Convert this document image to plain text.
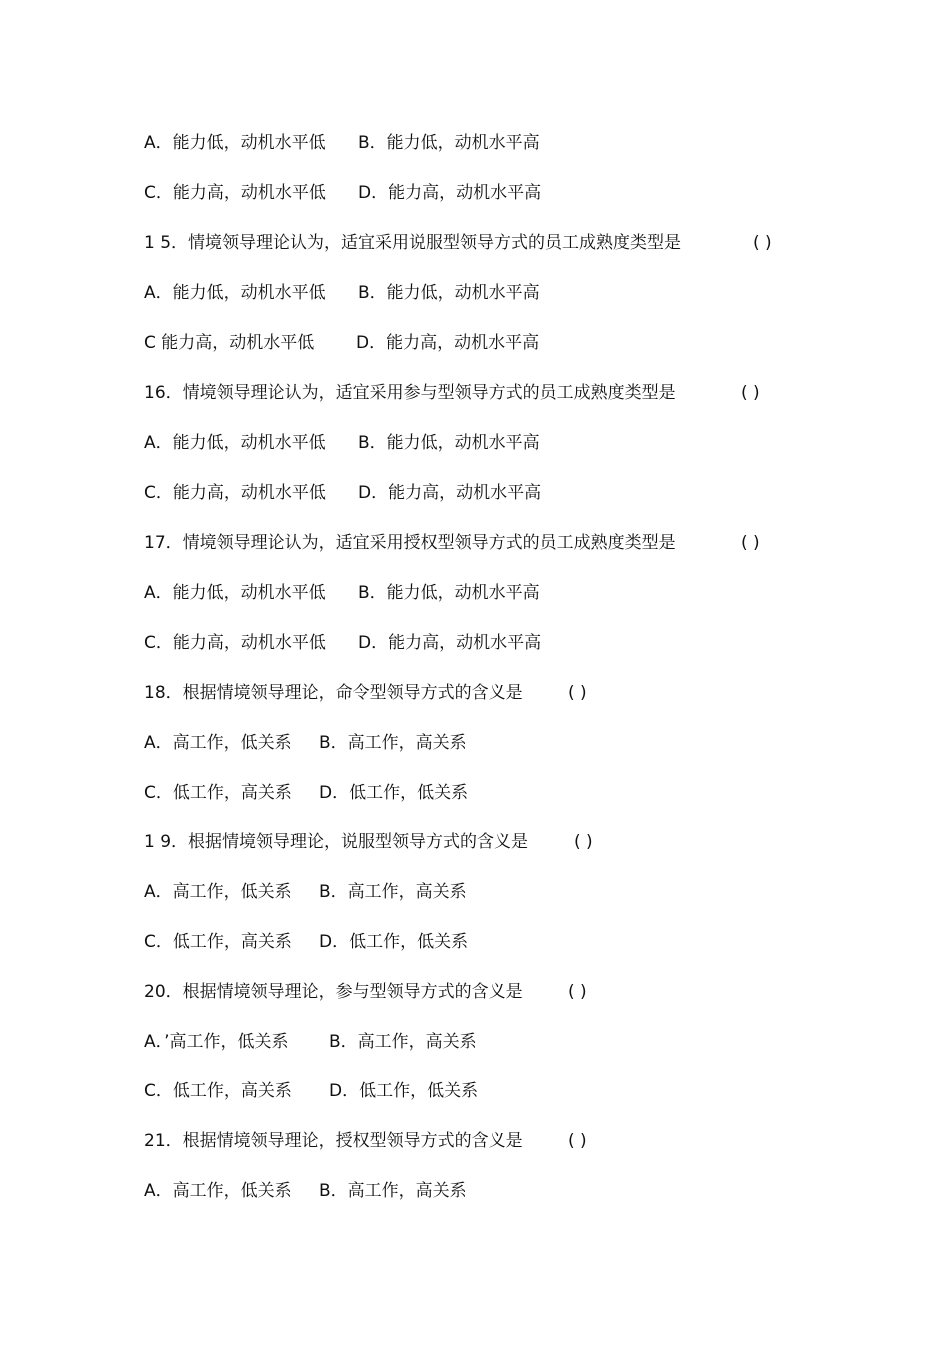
A．能力低，动机水平低

B．能力低，动机水平高

C．能力高，动机水平低

D．能力高，动机水平高

1 5．情境领导理论认为，适宜采用说服型领导方式的员工成熟度类型是

	( )

A．能力低，动机水平低

B．能力低，动机水平高

C 能力高，动机水平低

D．能力高，动机水平高

16．情境领导理论认为，适宜采用参与型领导方式的员工成熟度类型是

	( )

A．能力低，动机水平低

B．能力低，动机水平高

C．能力高，动机水平低

D．能力高，动机水平高

17．情境领导理论认为，适宜采用授权型领导方式的员工成熟度类型是

	( )

A．能力低，动机水平低

B．能力低，动机水平高

C．能力高，动机水平低

D．能力高，动机水平高

18．根据情境领导理论，命令型领导方式的含义是

	( )

A．高工作，低关系

B．高工作，高关系

C．低工作，高关系

D．低工作，低关系

1 9．根据情境领导理论，说服型领导方式的含义是

	( )

A．高工作，低关系

B．高工作，高关系

C．低工作，高关系

D．低工作，低关系

20．根据情境领导理论，参与型领导方式的含义是

	( )

A．’高工作，低关系

B．高工作，高关系

C．低工作，高关系

D．低工作，低关系

21．根据情境领导理论，授权型领导方式的含义是

	( )

A．高工作，低关系

B．高工作，高关系
